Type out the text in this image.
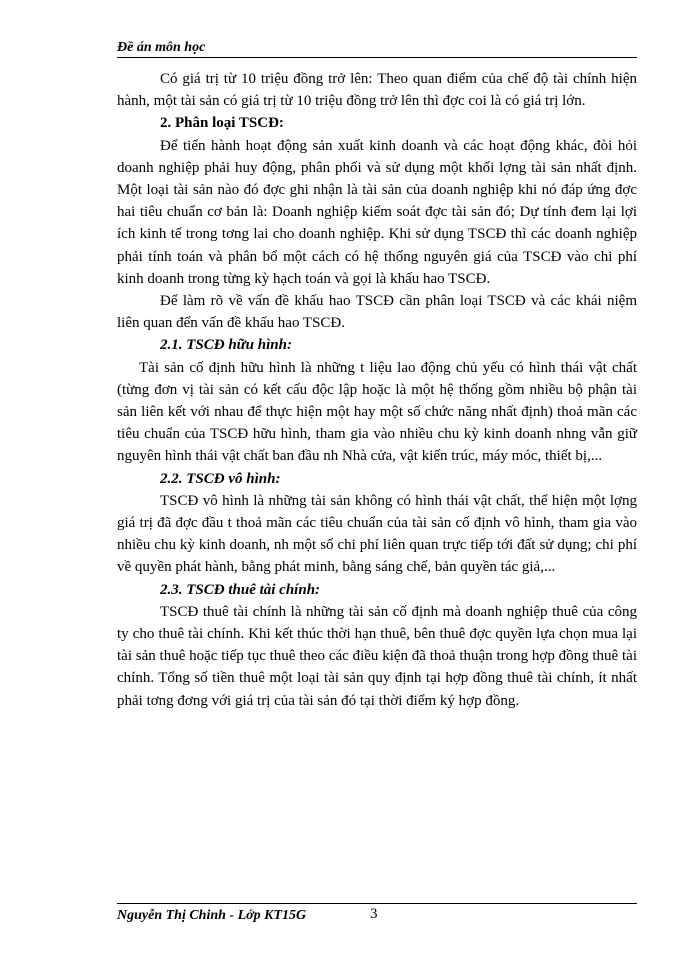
Đề án môn học

Có giá trị từ 10 triệu đồng trở lên: Theo quan điểm của chế độ tài chính hiện hành, một tài sản có giá trị từ 10 triệu đồng trở lên thì đợc coi là có giá trị lớn.

2. Phân loại TSCĐ:

Để tiến hành hoạt động sản xuất kinh doanh và các hoạt động khác, đòi hỏi doanh nghiệp phải huy động, phân phối và sử dụng một khối lợng tài sản nhất định. Một loại tài sản nào đó đợc ghi nhận là tài sản của doanh nghiệp khi nó đáp ứng đợc hai tiêu chuẩn cơ bản là: Doanh nghiệp kiểm soát đợc tài sản đó; Dự tính đem lại lợi ích kinh tế trong tơng lai cho doanh nghiệp. Khi sử dụng TSCĐ thì các doanh nghiệp phải tính toán và phân bổ một cách có hệ thống nguyên giá của TSCĐ vào chi phí kinh doanh trong từng kỳ hạch toán và gọi là khấu hao TSCĐ.

Để làm rõ về vấn đề khấu hao TSCĐ cần phân loại TSCĐ và các khái niệm liên quan đến vấn đề khấu hao TSCĐ.

2.1. TSCĐ hữu hình:

Tài sản cố định hữu hình là những t liệu lao động chủ yếu có hình thái vật chất (từng đơn vị tài sản có kết cấu độc lập hoặc là một hệ thống gồm nhiều bộ phận tài sản liên kết với nhau để thực hiện một hay một số chức năng nhất định) thoả mãn các tiêu chuẩn của TSCĐ hữu hình, tham gia vào nhiều chu kỳ kinh doanh nhng vẫn giữ nguyên hình thái vật chất ban đầu nh Nhà cửa, vật kiến trúc, máy móc, thiết bị,...

2.2. TSCĐ vô hình:

TSCĐ vô hình là những tài sản không có hình thái vật chất, thể hiện một lợng giá trị đã đợc đầu t thoả mãn các tiêu chuẩn của tài sản cố định vô hình, tham gia vào nhiều chu kỳ kinh doanh, nh một số chi phí liên quan trực tiếp tới đất sử dụng; chi phí về quyền phát hành, bằng phát minh, bằng sáng chế, bản quyền tác giả,...

2.3. TSCĐ thuê tài chính:

TSCĐ thuê tài chính là những tài sản cố định mà doanh nghiệp thuê của công ty cho thuê tài chính. Khi kết thúc thời hạn thuê, bên thuê đợc quyền lựa chọn mua lại tài sản thuê hoặc tiếp tục thuê theo các điều kiện đã thoả thuận trong hợp đồng thuê tài chính. Tổng số tiền thuê một loại tài sản quy định tại hợp đồng thuê tài chính, ít nhất phải tơng đơng với giá trị của tài sản đó tại thời điểm ký hợp đồng.

Nguyễn Thị Chinh - Lớp KT15G	3
